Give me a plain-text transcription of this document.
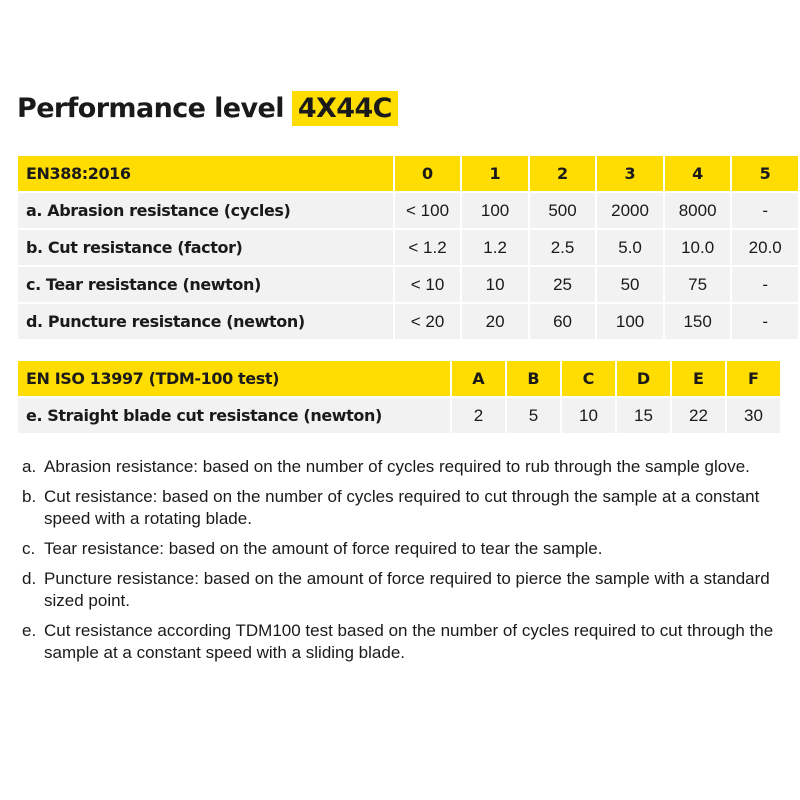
Performance level 4X44C
EN388:2016	0	1	2	3	4	5
a. Abrasion resistance (cycles)	< 100	100	500	2000	8000	-
b. Cut resistance (factor)	< 1.2	1.2	2.5	5.0	10.0	20.0
c. Tear resistance (newton)	< 10	10	25	50	75	-
d. Puncture resistance (newton)	< 20	20	60	100	150	-
EN ISO 13997 (TDM-100 test)	A	B	C	D	E	F
e. Straight blade cut resistance (newton)	2	5	10	15	22	30
a. Abrasion resistance: based on the number of cycles required to rub through the sample glove.
b. Cut resistance: based on the number of cycles required to cut through the sample at a constant speed with a rotating blade.
c. Tear resistance: based on the amount of force required to tear the sample.
d. Puncture resistance: based on the amount of force required to pierce the sample with a standard sized point.
e. Cut resistance according TDM100 test based on the number of cycles required to cut through the sample at a constant speed with a sliding blade.
